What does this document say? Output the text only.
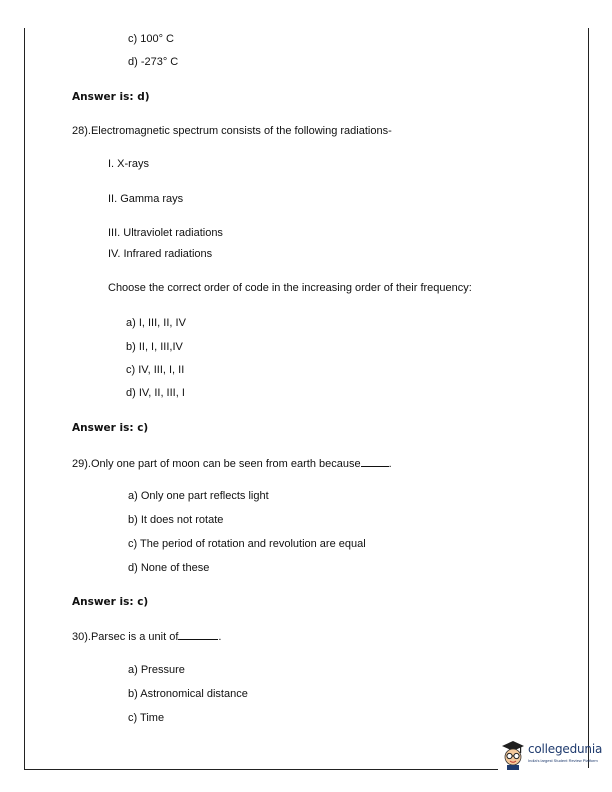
c) 100° C
d) -273° C
Answer is: d)
28).Electromagnetic spectrum consists of the following radiations-
I. X-rays
II. Gamma rays
III. Ultraviolet radiations
IV. Infrared radiations
Choose the correct order of code in the increasing order of their frequency:
a) I, III, II, IV
b) II, I, III,IV
c) IV, III, I, II
d) IV, II, III, I
Answer is: c)
29).Only one part of moon can be seen from earth because	.
a) Only one part reflects light
b) It does not rotate
c) The period of rotation and revolution are equal
d) None of these
Answer is: c)
30).Parsec is a unit of	.
a) Pressure
b) Astronomical distance
c) Time
collegedunia
India's largest Student Review Platform
